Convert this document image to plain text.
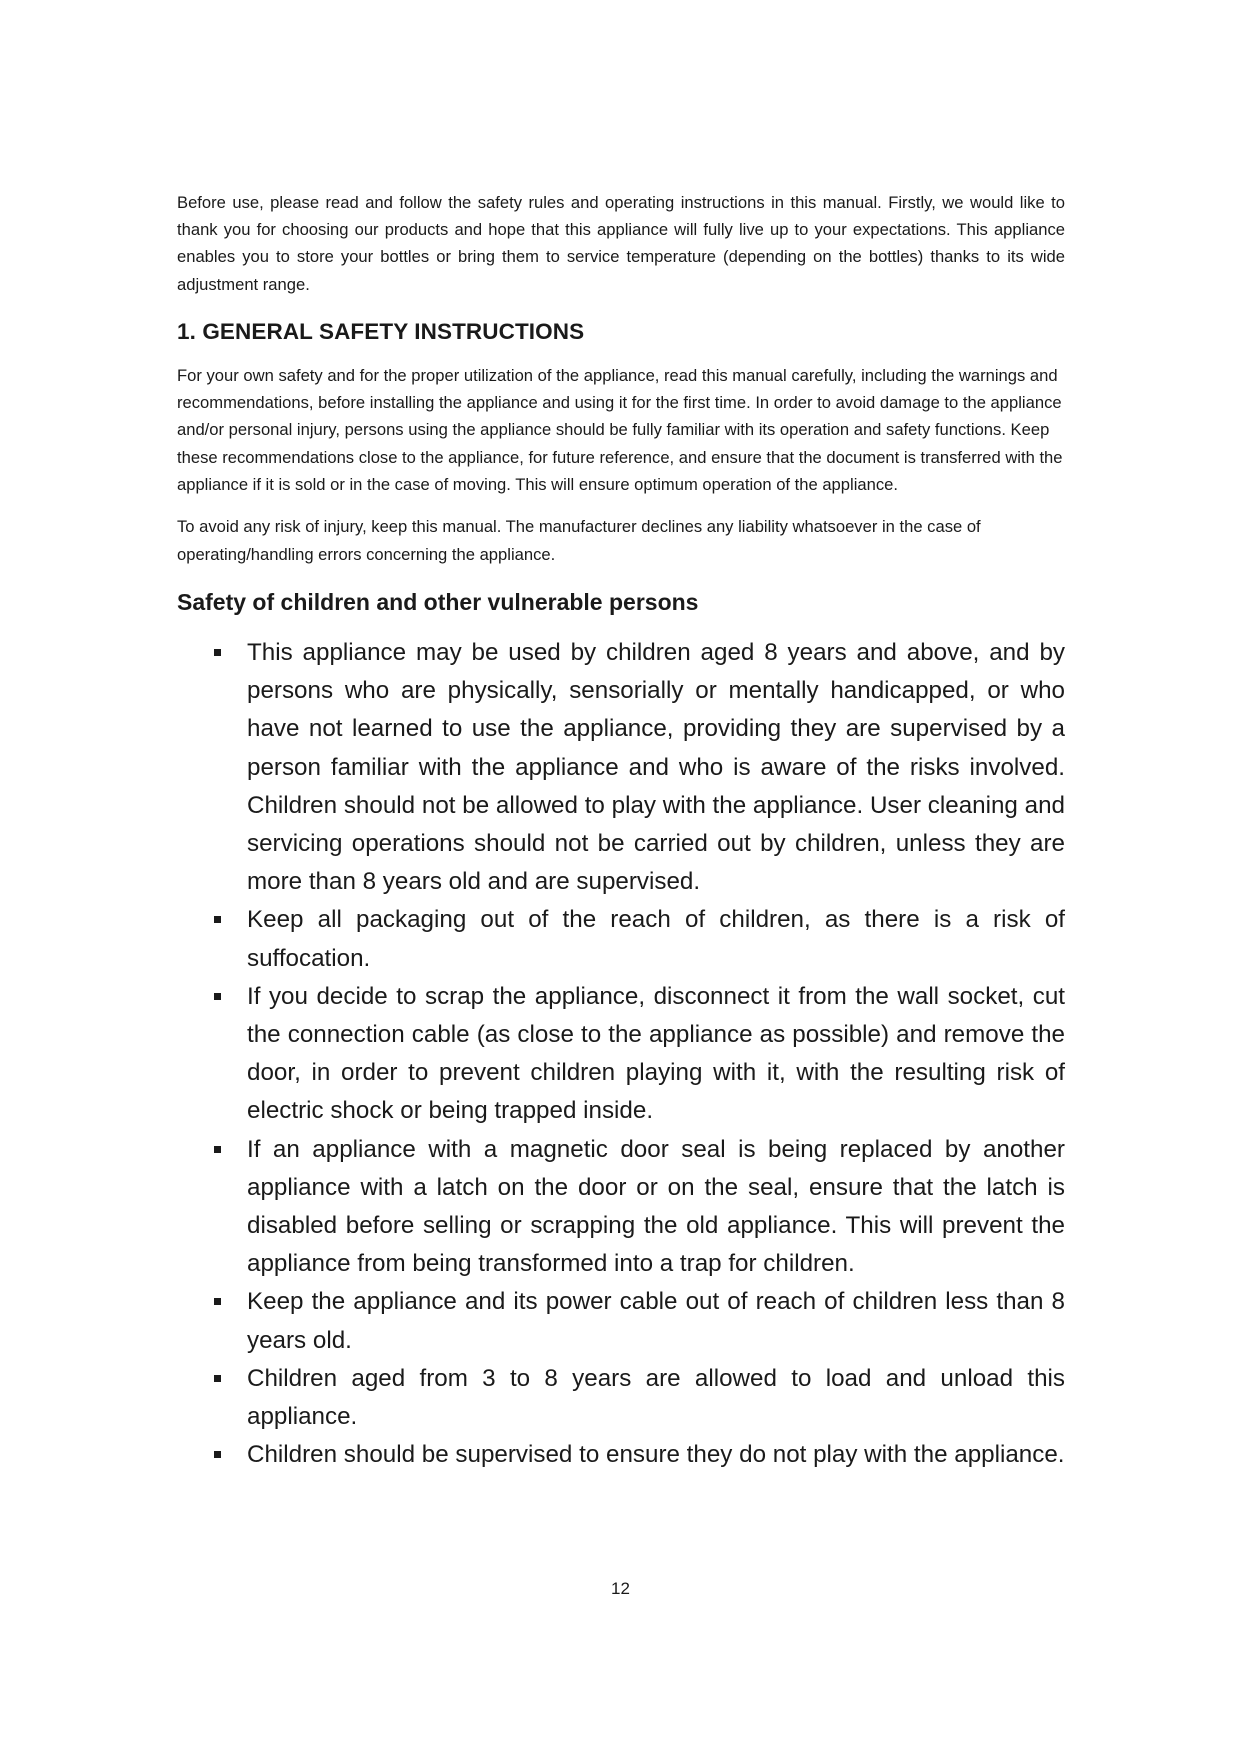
Before use, please read and follow the safety rules and operating instructions in this manual. Firstly, we would like to thank you for choosing our products and hope that this appliance will fully live up to your expectations. This appliance enables you to store your bottles or bring them to service temperature (depending on the bottles) thanks to its wide adjustment range.

1. GENERAL SAFETY INSTRUCTIONS

For your own safety and for the proper utilization of the appliance, read this manual carefully, including the warnings and recommendations, before installing the appliance and using it for the first time. In order to avoid damage to the appliance and/or personal injury, persons using the appliance should be fully familiar with its operation and safety functions. Keep these recommendations close to the appliance, for future reference, and ensure that the document is transferred with the appliance if it is sold or in the case of moving. This will ensure optimum operation of the appliance.

To avoid any risk of injury, keep this manual. The manufacturer declines any liability whatsoever in the case of operating/handling errors concerning the appliance.

Safety of children and other vulnerable persons
This appliance may be used by children aged 8 years and above, and by persons who are physically, sensorially or mentally handicapped, or who have not learned to use the appliance, providing they are supervised by a person familiar with the appliance and who is aware of the risks involved. Children should not be allowed to play with the appliance. User cleaning and servicing operations should not be carried out by children, unless they are more than 8 years old and are supervised.
Keep all packaging out of the reach of children, as there is a risk of suffocation.
If you decide to scrap the appliance, disconnect it from the wall socket, cut the connection cable (as close to the appliance as possible) and remove the door, in order to prevent children playing with it, with the resulting risk of electric shock or being trapped inside.
If an appliance with a magnetic door seal is being replaced by another appliance with a latch on the door or on the seal, ensure that the latch is disabled before selling or scrapping the old appliance. This will prevent the appliance from being transformed into a trap for children.
Keep the appliance and its power cable out of reach of children less than 8 years old.
Children aged from 3 to 8 years are allowed to load and unload this appliance.
Children should be supervised to ensure they do not play with the appliance.
12
